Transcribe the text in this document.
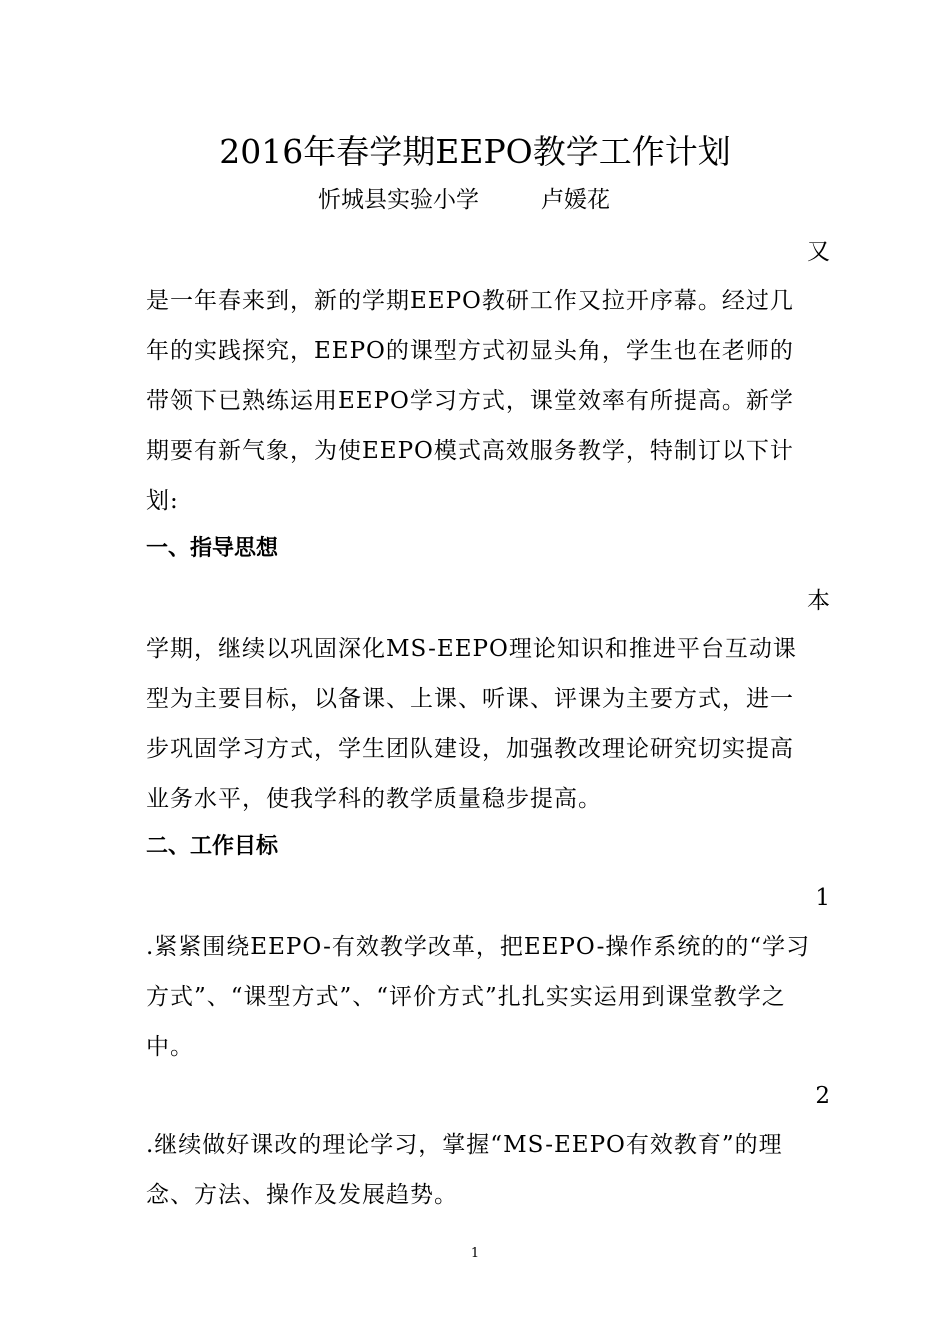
2016年春学期EEPO教学工作计划
忻城县实验小学	卢媛花
又
是一年春来到，新的学期EEPO教研工作又拉开序幕。经过几年的实践探究，EEPO的课型方式初显头角，学生也在老师的带领下已熟练运用EEPO学习方式，课堂效率有所提高。新学期要有新气象，为使EEPO模式高效服务教学，特制订以下计划:
一、指导思想
本
学期，继续以巩固深化MS-EEPO理论知识和推进平台互动课型为主要目标，以备课、上课、听课、评课为主要方式，进一步巩固学习方式，学生团队建设，加强教改理论研究切实提高业务水平，使我学科的教学质量稳步提高。
二、工作目标
1
.紧紧围绕EEPO-有效教学改革，把EEPO-操作系统的的“学习方式”、“课型方式”、“评价方式”扎扎实实运用到课堂教学之中。
2
.继续做好课改的理论学习，掌握“MS-EEPO有效教育”的理念、方法、操作及发展趋势。
1
